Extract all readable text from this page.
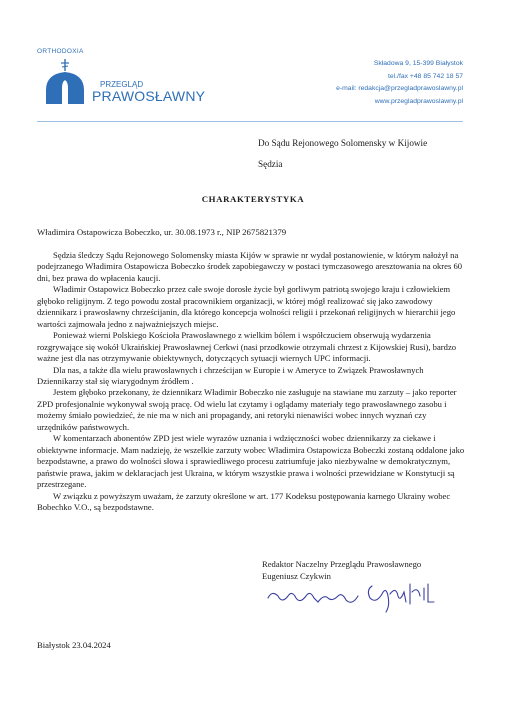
ORTHODOXIA
PRZEGLĄD
PRAWOSŁAWNY
Składowa 9, 15-399 Białystok
tel./fax +48 85 742 18 57
e-mail: redakcja@przegladprawoslawny.pl
www.przegladprawoslawny.pl
Do Sądu Rejonowego Solomensky w Kijowie
Sędzia
CHARAKTERYSTYKA
Władimira Ostapowicza Bobeczko, ur. 30.08.1973 r., NIP 2675821379

Sędzia śledczy Sądu Rejonowego Solomensky miasta Kijów w sprawie nr wydał postanowienie, w którym nałożył na podejrzanego Władimira Ostapowicza Bobeczko środek zapobiegawczy w postaci tymczasowego aresztowania na okres 60 dni, bez prawa do wpłacenia kaucji.

Władimir Ostapowicz Bobeczko przez całe swoje dorosłe życie był gorliwym patriotą swojego kraju i człowiekiem głęboko religijnym. Z tego powodu został pracownikiem organizacji, w której mógł realizować się jako zawodowy dziennikarz i prawosławny chrześcijanin, dla którego koncepcja wolności religii i przekonań religijnych w hierarchii jego wartości zajmowała jedno z najważniejszych miejsc.

Ponieważ wierni Polskiego Kościoła Prawosławnego z wielkim bólem i współczuciem obserwują wydarzenia rozgrywające się wokół Ukraińskiej Prawosławnej Cerkwi (nasi przodkowie otrzymali chrzest z Kijowskiej Rusi), bardzo ważne jest dla nas otrzymywanie obiektywnych, dotyczących sytuacji wiernych UPC informacji.

Dla nas, a także dla wielu prawosławnych i chrześcijan w Europie i w Ameryce to Związek Prawosławnych Dziennikarzy stał się wiarygodnym źródłem .

Jestem głęboko przekonany, że dziennikarz Władimir Bobeczko nie zasługuje na stawiane mu zarzuty – jako reporter ZPD profesjonalnie wykonywał swoją pracę. Od wielu lat czytamy i oglądamy materiały tego prawosławnego zasobu i możemy śmiało powiedzieć, że nie ma w nich ani propagandy, ani retoryki nienawiści wobec innych wyznań czy urzędników państwowych.

W komentarzach abonentów ZPD jest wiele wyrazów uznania i wdzięczności wobec dziennikarzy za ciekawe i obiektywne informacje. Mam nadzieję, że wszelkie zarzuty wobec Władimira Ostapowicza Bobeczki zostaną oddalone jako bezpodstawne, a prawo do wolności słowa i sprawiedliwego procesu zatriumfuje jako niezbywalne w demokratycznym, państwie prawa, jakim w deklaracjach jest Ukraina, w którym wszystkie prawa i wolności przewidziane w Konstytucji są przestrzegane.

W związku z powyższym uważam, że zarzuty określone w art. 177 Kodeksu postępowania karnego Ukrainy wobec Bobechko V.O., są bezpodstawne.

Redaktor Naczelny Przeglądu Prawosławnego
Eugeniusz Czykwin
Białystok 23.04.2024
